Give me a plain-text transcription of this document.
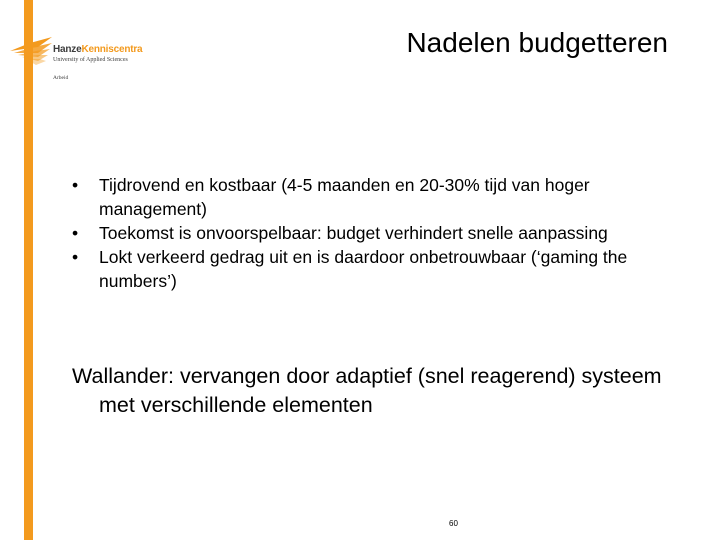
HanzeKenniscentra
University of Applied Sciences
Arbeid
Nadelen budgetteren
• Tijdrovend en kostbaar (4-5 maanden en 20-30% tijd van hoger management)
• Toekomst is onvoorspelbaar: budget verhindert snelle aanpassing
• Lokt verkeerd gedrag uit en is daardoor onbetrouwbaar (‘gaming the numbers’)

Wallander: vervangen door adaptief (snel reagerend) systeem met verschillende elementen

60
